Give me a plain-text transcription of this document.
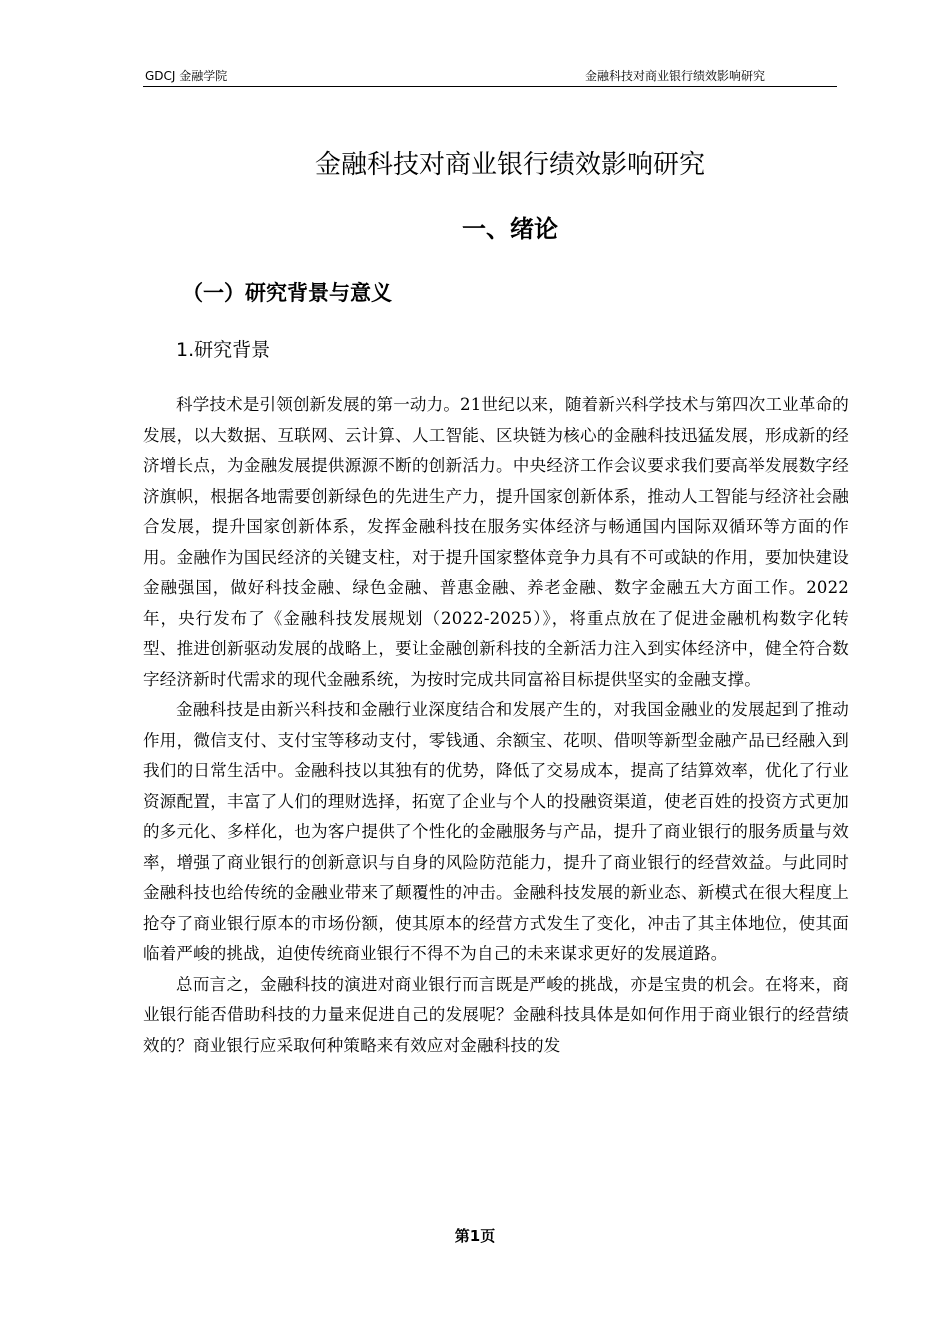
GDCJ 金融学院	金融科技对商业银行绩效影响研究
金融科技对商业银行绩效影响研究
一、绪论
（一）研究背景与意义
1.研究背景

科学技术是引领创新发展的第一动力。21世纪以来，随着新兴科学技术与第四次工业革命的发展，以大数据、互联网、云计算、人工智能、区块链为核心的金融科技迅猛发展，形成新的经济增长点，为金融发展提供源源不断的创新活力。中央经济工作会议要求我们要高举发展数字经济旗帜，根据各地需要创新绿色的先进生产力，提升国家创新体系，推动人工智能与经济社会融合发展，提升国家创新体系，发挥金融科技在服务实体经济与畅通国内国际双循环等方面的作用。金融作为国民经济的关键支柱，对于提升国家整体竞争力具有不可或缺的作用，要加快建设金融强国，做好科技金融、绿色金融、普惠金融、养老金融、数字金融五大方面工作。2022年，央行发布了《金融科技发展规划（2022-2025）》，将重点放在了促进金融机构数字化转型、推进创新驱动发展的战略上，要让金融创新科技的全新活力注入到实体经济中，健全符合数字经济新时代需求的现代金融系统，为按时完成共同富裕目标提供坚实的金融支撑。

金融科技是由新兴科技和金融行业深度结合和发展产生的，对我国金融业的发展起到了推动作用，微信支付、支付宝等移动支付，零钱通、余额宝、花呗、借呗等新型金融产品已经融入到我们的日常生活中。金融科技以其独有的优势，降低了交易成本，提高了结算效率，优化了行业资源配置，丰富了人们的理财选择，拓宽了企业与个人的投融资渠道，使老百姓的投资方式更加的多元化、多样化，也为客户提供了个性化的金融服务与产品，提升了商业银行的服务质量与效率，增强了商业银行的创新意识与自身的风险防范能力，提升了商业银行的经营效益。与此同时金融科技也给传统的金融业带来了颠覆性的冲击。金融科技发展的新业态、新模式在很大程度上抢夺了商业银行原本的市场份额，使其原本的经营方式发生了变化，冲击了其主体地位，使其面临着严峻的挑战，迫使传统商业银行不得不为自己的未来谋求更好的发展道路。

总而言之，金融科技的演进对商业银行而言既是严峻的挑战，亦是宝贵的机会。在将来，商业银行能否借助科技的力量来促进自己的发展呢？金融科技具体是如何作用于商业银行的经营绩效的？商业银行应采取何种策略来有效应对金融科技的发

第1页
